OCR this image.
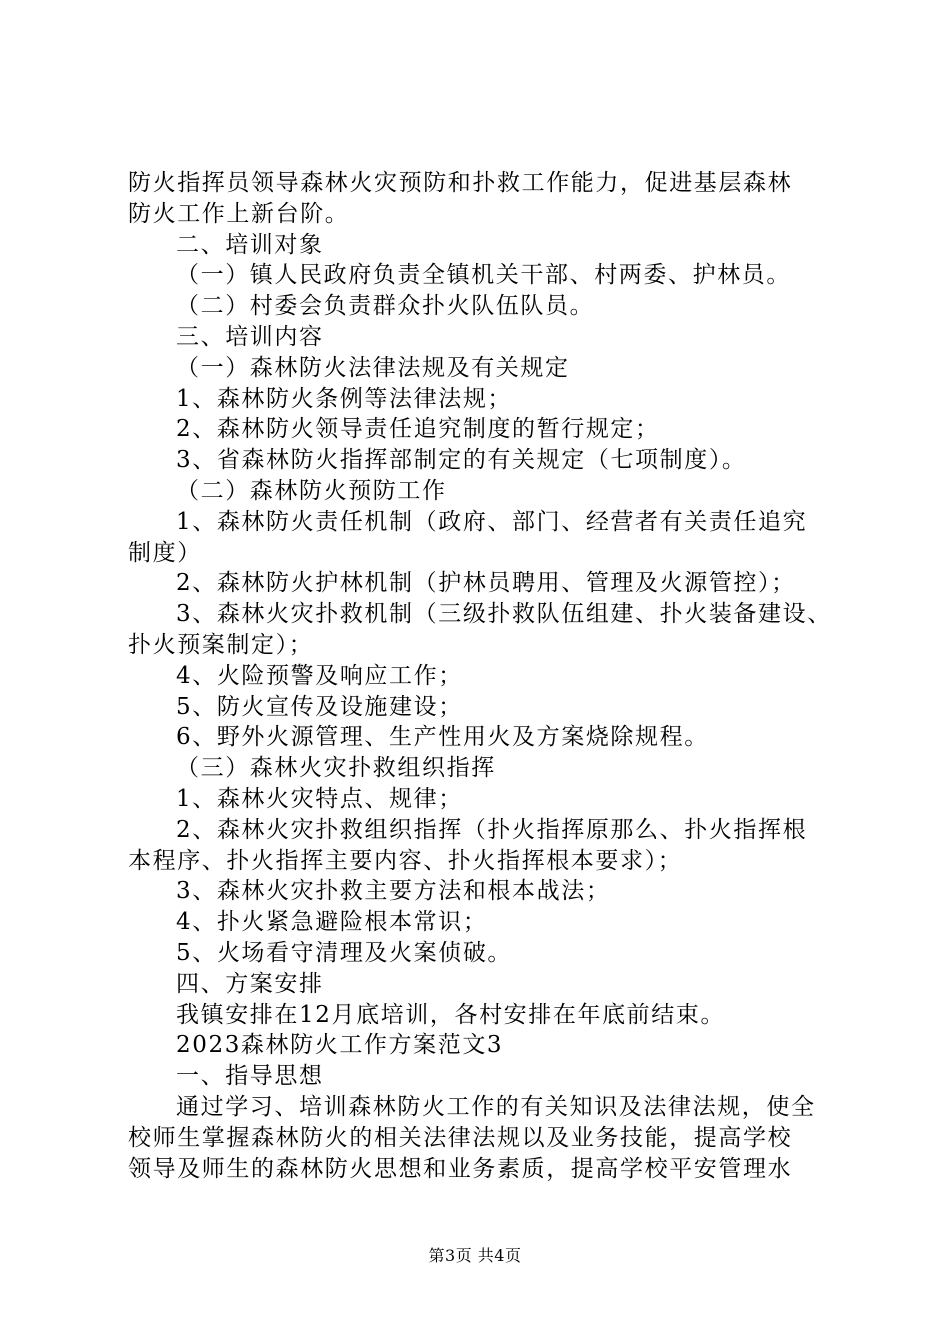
防火指挥员领导森林火灾预防和扑救工作能力，促进基层森林
防火工作上新台阶。
二、培训对象
（一）镇人民政府负责全镇机关干部、村两委、护林员。
（二）村委会负责群众扑火队伍队员。
三、培训内容
（一）森林防火法律法规及有关规定
1、森林防火条例等法律法规；
2、森林防火领导责任追究制度的暂行规定；
3、省森林防火指挥部制定的有关规定（七项制度）。
（二）森林防火预防工作
1、森林防火责任机制（政府、部门、经营者有关责任追究
制度）
2、森林防火护林机制（护林员聘用、管理及火源管控）；
3、森林火灾扑救机制（三级扑救队伍组建、扑火装备建设、
扑火预案制定）；
4、火险预警及响应工作；
5、防火宣传及设施建设；
6、野外火源管理、生产性用火及方案烧除规程。
（三）森林火灾扑救组织指挥
1、森林火灾特点、规律；
2、森林火灾扑救组织指挥（扑火指挥原那么、扑火指挥根
本程序、扑火指挥主要内容、扑火指挥根本要求）；
3、森林火灾扑救主要方法和根本战法；
4、扑火紧急避险根本常识；
5、火场看守清理及火案侦破。
四、方案安排
我镇安排在12月底培训，各村安排在年底前结束。
2023森林防火工作方案范文3
一、指导思想
通过学习、培训森林防火工作的有关知识及法律法规，使全
校师生掌握森林防火的相关法律法规以及业务技能，提高学校
领导及师生的森林防火思想和业务素质，提高学校平安管理水
第3页 共4页
